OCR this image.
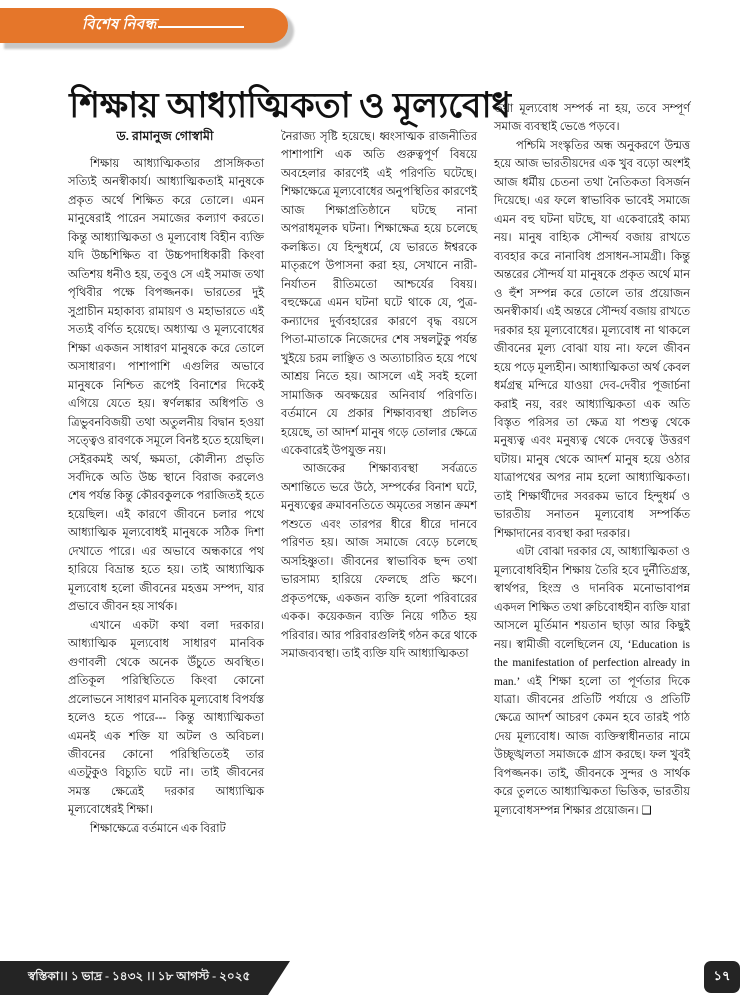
বিশেষ নিবন্ধ
শিক্ষায় আধ্যাত্মিকতা ও মূল্যবোধ
ড. রামানুজ গোস্বামী

শিক্ষায় আধ্যাত্মিকতার প্রাসঙ্গিকতা সত্যিই অনস্বীকার্য। আধ্যাত্মিকতাই মানুষকে প্রকৃত অর্থে শিক্ষিত করে তোলে। এমন মানুষেরাই পারেন সমাজের কল্যাণ করতে। কিন্তু আধ্যাত্মিকতা ও মূল্যবোধ বিহীন ব্যক্তি যদি উচ্চশিক্ষিত বা উচ্চপদাধিকারী কিংবা অতিশয় ধনীও হয়, তবুও সে এই সমাজ তথা পৃথিবীর পক্ষে বিপজ্জনক। ভারতের দুই সুপ্রাচীন মহাকাব্য রামায়ণ ও মহাভারতে এই সত্যই বর্ণিত হয়েছে। অধ্যাত্ম ও মূল্যবোধের শিক্ষা একজন সাধারণ মানুষকে করে তোলে অসাধারণ। পাশাপাশি এগুলির অভাবে মানুষকে নিশ্চিত রূপেই বিনাশের দিকেই এগিয়ে যেতে হয়। স্বর্ণলঙ্কার অধিপতি ও ত্রিভুবনবিজয়ী তথা অতুলনীয় বিদ্বান হওয়া সত্ত্বেও রাবণকে সমূলে বিনষ্ট হতে হয়েছিল। সেইরকমই অর্থ, ক্ষমতা, কৌলীন্য প্রভৃতি সর্বদিকে অতি উচ্চ স্থানে বিরাজ করলেও শেষ পর্যন্ত কিন্তু কৌরবকুলকে পরাজিতই হতে হয়েছিল। এই কারণে জীবনে চলার পথে আধ্যাত্মিক মূল্যবোধই মানুষকে সঠিক দিশা দেখাতে পারে। এর অভাবে অন্ধকারে পথ হারিয়ে বিভ্রান্ত হতে হয়। তাই আধ্যাত্মিক মূল্যবোধ হলো জীবনের মহত্তম সম্পদ, যার প্রভাবে জীবন হয় সার্থক।

এখানে একটা কথা বলা দরকার। আধ্যাত্মিক মূল্যবোধ সাধারণ মানবিক গুণাবলী থেকে অনেক উঁচুতে অবস্থিত। প্রতিকূল পরিস্থিতিতে কিংবা কোনো প্রলোভনে সাধারণ মানবিক মূল্যবোধ বিপর্যস্ত হলেও হতে পারে--- কিন্তু আধ্যাত্মিকতা এমনই এক শক্তি যা অটল ও অবিচল। জীবনের কোনো পরিস্থিতিতেই তার এতটুকুও বিচ্যুতি ঘটে না। তাই জীবনের সমস্ত ক্ষেত্রেই দরকার আধ্যাত্মিক মূল্যবোধেরই শিক্ষা।

শিক্ষাক্ষেত্রে বর্তমানে এক বিরাট

নৈরাজ্য সৃষ্টি হয়েছে। ধ্বংসাত্মক রাজনীতির পাশাপাশি এক অতি গুরুত্বপূর্ণ বিষয়ে অবহেলার কারণেই এই পরিণতি ঘটেছে। শিক্ষাক্ষেত্রে মূল্যবোধের অনুপস্থিতির কারণেই আজ শিক্ষাপ্রতিষ্ঠানে ঘটছে নানা অপরাধমূলক ঘটনা। শিক্ষাক্ষেত্র হয়ে চলেছে কলঙ্কিত। যে হিন্দুধর্মে, যে ভারতে ঈশ্বরকে মাতৃরূপে উপাসনা করা হয়, সেখানে নারী-নির্যাতন রীতিমতো আশ্চর্যের বিষয়। বহুক্ষেত্রে এমন ঘটনা ঘটে থাকে যে, পুত্র-কন্যাদের দুর্ব্যবহারের কারণে বৃদ্ধ বয়সে পিতা-মাতাকে নিজেদের শেষ সম্বলটুকু পর্যন্ত খুইয়ে চরম লাঞ্ছিত ও অত্যাচারিত হয়ে পথে আশ্রয় নিতে হয়। আসলে এই সবই হলো সামাজিক অবক্ষয়ের অনিবার্য পরিণতি। বর্তমানে যে প্রকার শিক্ষাব্যবস্থা প্রচলিত হয়েছে, তা আদর্শ মানুষ গড়ে তোলার ক্ষেত্রে একেবারেই উপযুক্ত নয়।

আজকের শিক্ষাব্যবস্থা সর্বত্রতে অশান্তিতে ভরে উঠে, সম্পর্কের বিনাশ ঘটে, মনুষ্যত্বের ক্রমাবনতিতে অমৃতের সন্তান ক্রমশ পশুতে এবং তারপর ধীরে ধীরে দানবে পরিণত হয়। আজ সমাজে বেড়ে চলেছে অসহিষ্ণুতা। জীবনের স্বাভাবিক ছন্দ তথা ভারসাম্য হারিয়ে ফেলছে প্রতি ক্ষণে। প্রকৃতপক্ষে, একজন ব্যক্তি হলো পরিবারের একক। কয়েকজন ব্যক্তি নিয়ে গঠিত হয় পরিবার। আর পরিবারগুলিই গঠন করে থাকে সমাজব্যবস্থা। তাই ব্যক্তি যদি আধ্যাত্মিকতা

তথা মূল্যবোধ সম্পর্ক না হয়, তবে সম্পূর্ণ সমাজ ব্যবস্থাই ভেঙে পড়বে।

পশ্চিমি সংস্কৃতির অন্ধ অনুকরণে উন্মত্ত হয়ে আজ ভারতীয়দের এক খুব বড়ো অংশই আজ ধর্মীয় চেতনা তথা নৈতিকতা বিসর্জন দিয়েছে। এর ফলে স্বাভাবিক ভাবেই সমাজে এমন বহু ঘটনা ঘটছে, যা একেবারেই কাম্য নয়। মানুষ বাহ্যিক সৌন্দর্য বজায় রাখতে ব্যবহার করে নানাবিধ প্রসাধন-সামগ্রী। কিন্তু অন্তরের সৌন্দর্য যা মানুষকে প্রকৃত অর্থে মান ও হুঁশ সম্পন্ন করে তোলে তার প্রয়োজন অনস্বীকার্য। এই অন্তরে সৌন্দর্য বজায় রাখতে দরকার হয় মূল্যবোধের। মূল্যবোধ না থাকলে জীবনের মূল্য বোঝা যায় না। ফলে জীবন হয়ে পড়ে মূল্যহীন। আধ্যাত্মিকতা অর্থ কেবল ধর্মগ্রন্থ মন্দিরে যাওয়া দেব-দেবীর পূজার্চনা করাই নয়, বরং আধ্যাত্মিকতা এক অতি বিস্তৃত পরিসর তা ক্ষেত্র যা পশুত্ব থেকে মনুষ্যত্ব এবং মনুষ্যত্ব থেকে দেবত্বে উত্তরণ ঘটায়। মানুষ থেকে আদর্শ মানুষ হয়ে ওঠার যাত্রাপথের অপর নাম হলো আধ্যাত্মিকতা। তাই শিক্ষার্থীদের সবরকম ভাবে হিন্দুধর্ম ও ভারতীয় সনাতন মূল্যবোধ সম্পর্কিত শিক্ষাদানের ব্যবস্থা করা দরকার।

এটা বোঝা দরকার যে, আধ্যাত্মিকতা ও মূল্যবোধবিহীন শিক্ষায় তৈরি হবে দুর্নীতিগ্রস্ত, স্বার্থপর, হিংস্র ও দানবিক মনোভাবাপন্ন একদল শিক্ষিত তথা রুচিবোধহীন ব্যক্তি যারা আসলে মূর্তিমান শয়তান ছাড়া আর কিছুই নয়। স্বামীজী বলেছিলেন যে, ‘Education is the manifestation of perfection already in man.’ এই শিক্ষা হলো তা পূর্ণতার দিকে যাত্রা। জীবনের প্রতিটি পর্যায়ে ও প্রতিটি ক্ষেত্রে আদর্শ আচরণ কেমন হবে তারই পাঠ দেয় মূল্যবোধ। আজ ব্যক্তিস্বাধীনতার নামে উচ্ছৃঙ্খলতা সমাজকে গ্রাস করছে। ফল খুবই বিপজ্জনক। তাই, জীবনকে সুন্দর ও সার্থক করে তুলতে আধ্যাত্মিকতা ভিত্তিক, ভারতীয় মূল্যবোধসম্পন্ন শিক্ষার প্রয়োজন। ❑

স্বস্তিকা।। ১ ভাদ্র - ১৪৩২ ।। ১৮ আগস্ট - ২০২৫	১৭
